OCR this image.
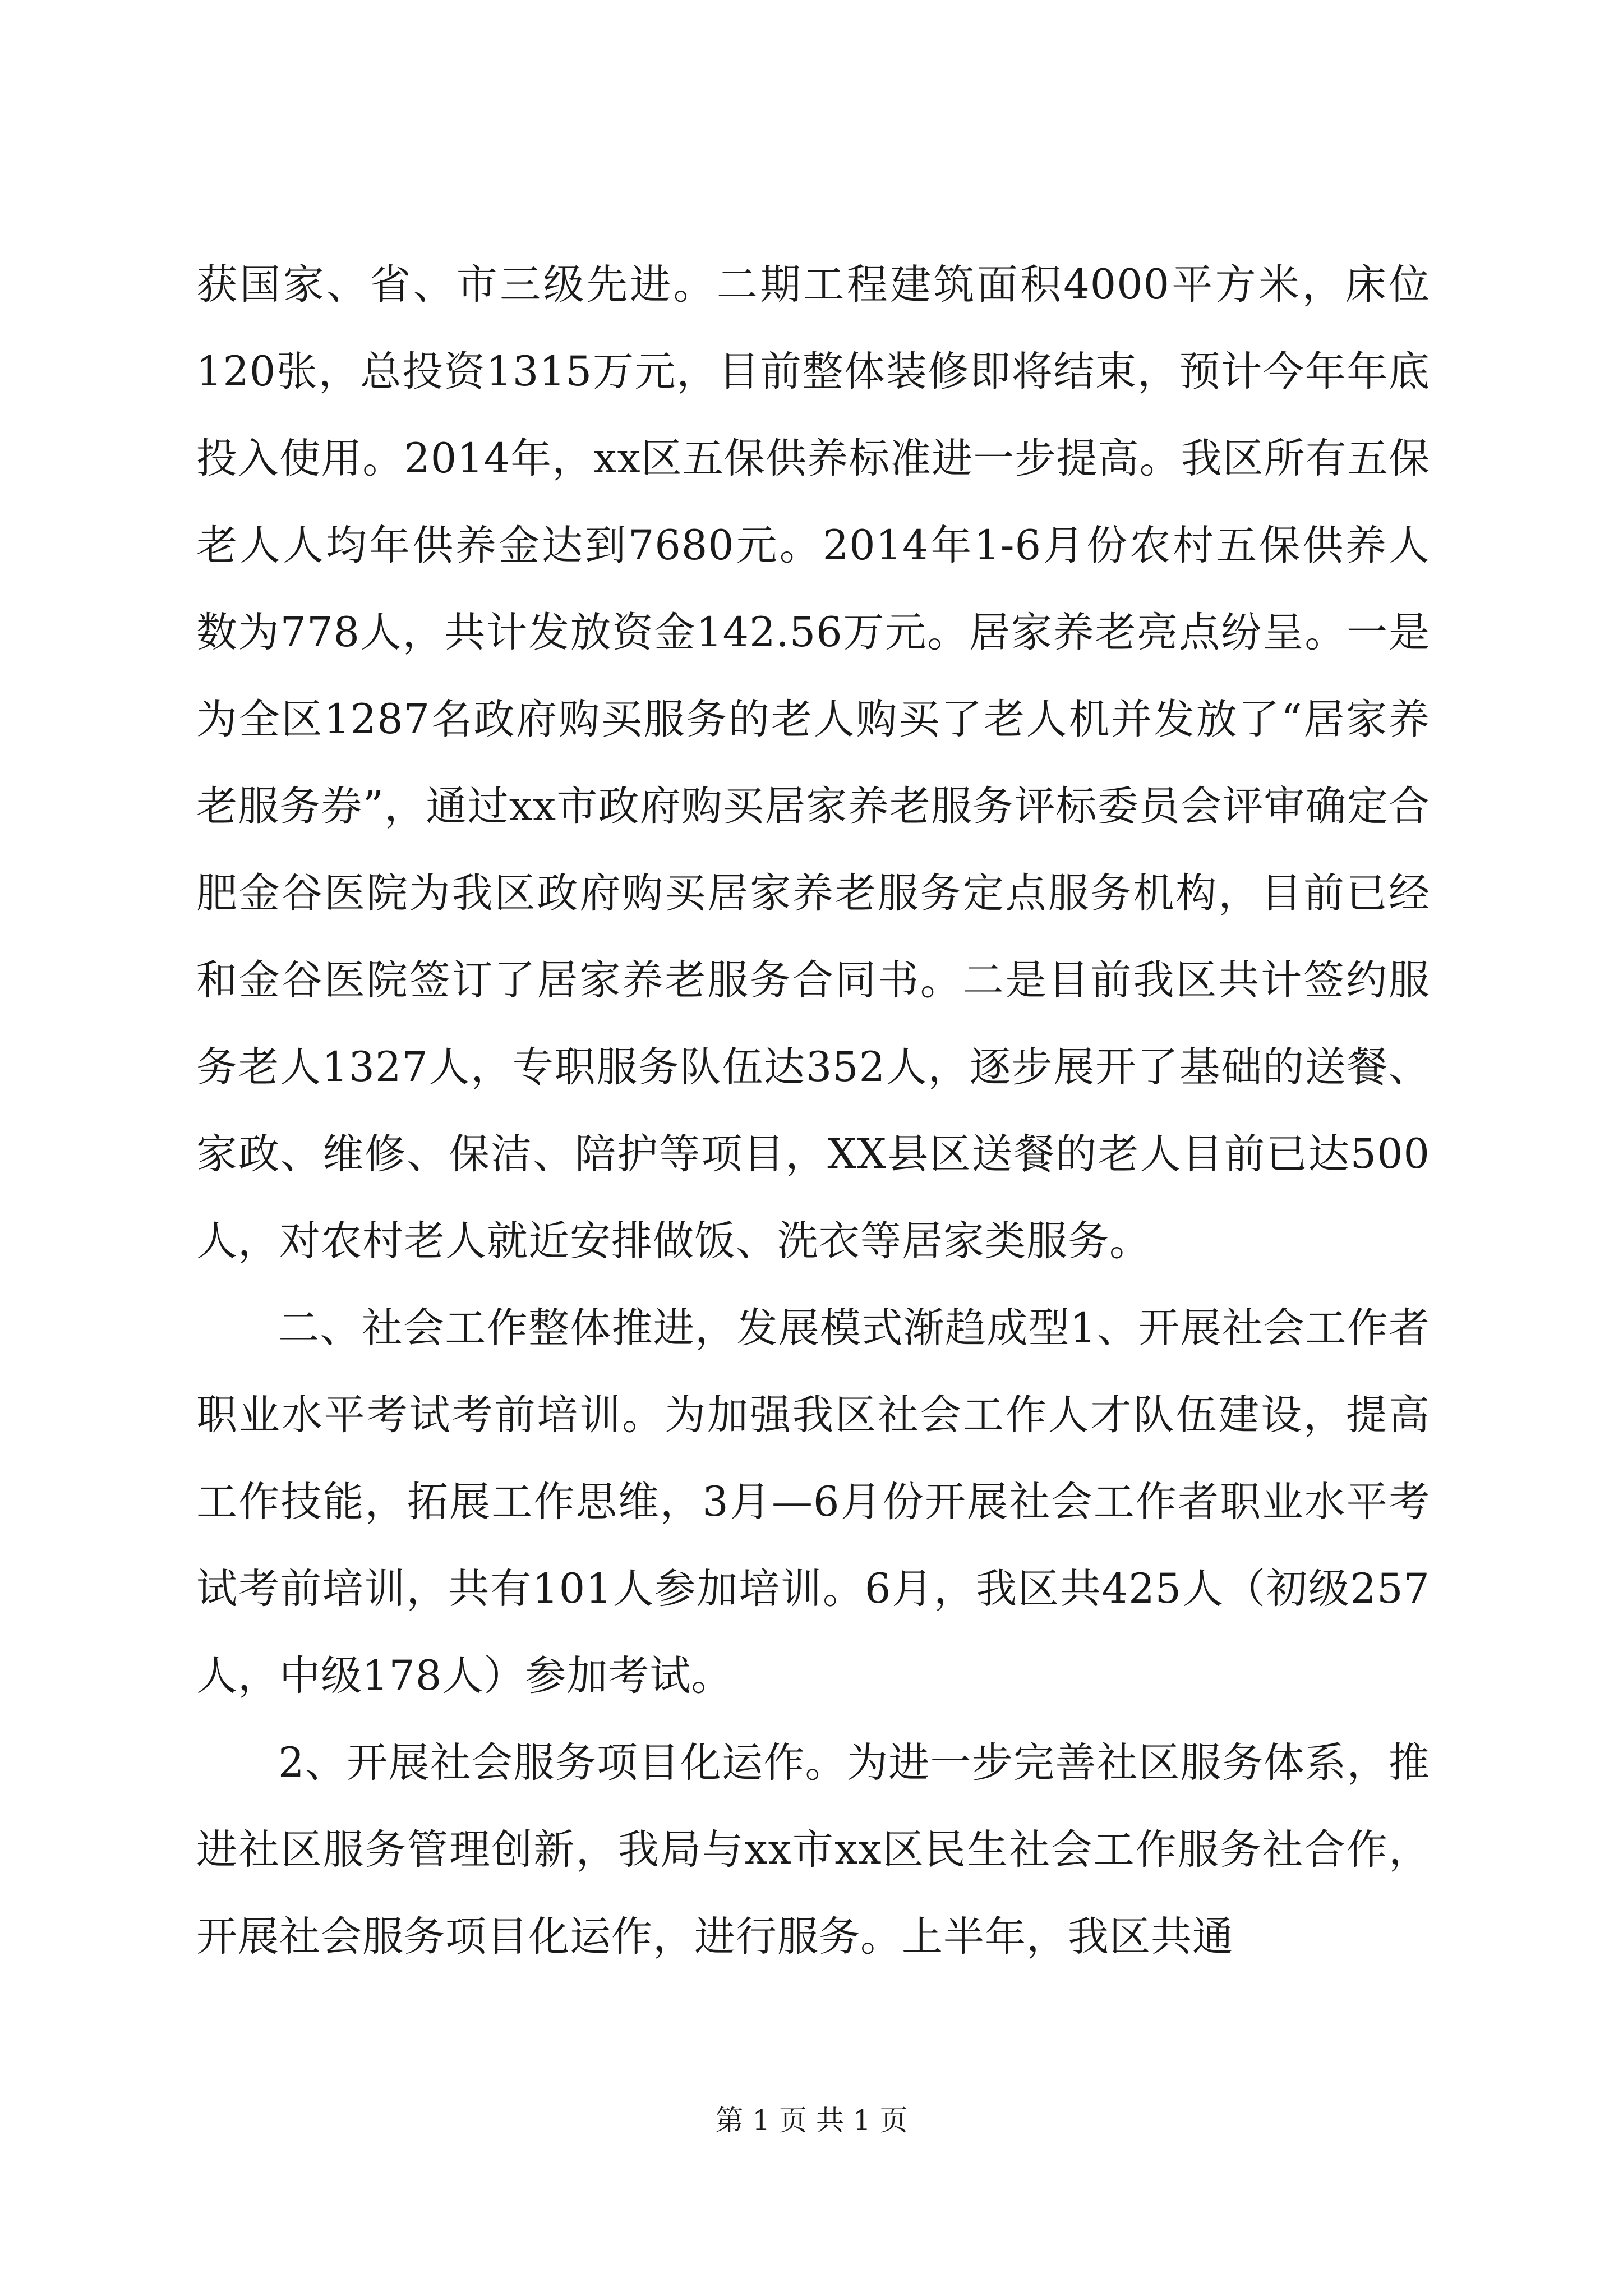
获国家、省、市三级先进。二期工程建筑面积4000平方米，床位120张，总投资1315万元，目前整体装修即将结束，预计今年年底投入使用。2014年，xx区五保供养标准进一步提高。我区所有五保老人人均年供养金达到7680元。2014年1-6月份农村五保供养人数为778人，共计发放资金142.56万元。居家养老亮点纷呈。一是为全区1287名政府购买服务的老人购买了老人机并发放了“居家养老服务券”，通过xx市政府购买居家养老服务评标委员会评审确定合肥金谷医院为我区政府购买居家养老服务定点服务机构，目前已经和金谷医院签订了居家养老服务合同书。二是目前我区共计签约服务老人1327人，专职服务队伍达352人，逐步展开了基础的送餐、家政、维修、保洁、陪护等项目，XX县区送餐的老人目前已达500人，对农村老人就近安排做饭、洗衣等居家类服务。

二、社会工作整体推进，发展模式渐趋成型1、开展社会工作者职业水平考试考前培训。为加强我区社会工作人才队伍建设，提高工作技能，拓展工作思维，3月—6月份开展社会工作者职业水平考试考前培训，共有101人参加培训。6月，我区共425人（初级257人，中级178人）参加考试。

2、开展社会服务项目化运作。为进一步完善社区服务体系，推进社区服务管理创新，我局与xx市xx区民生社会工作服务社合作，开展社会服务项目化运作，进行服务。上半年，我区共通

第 1 页 共 1 页
